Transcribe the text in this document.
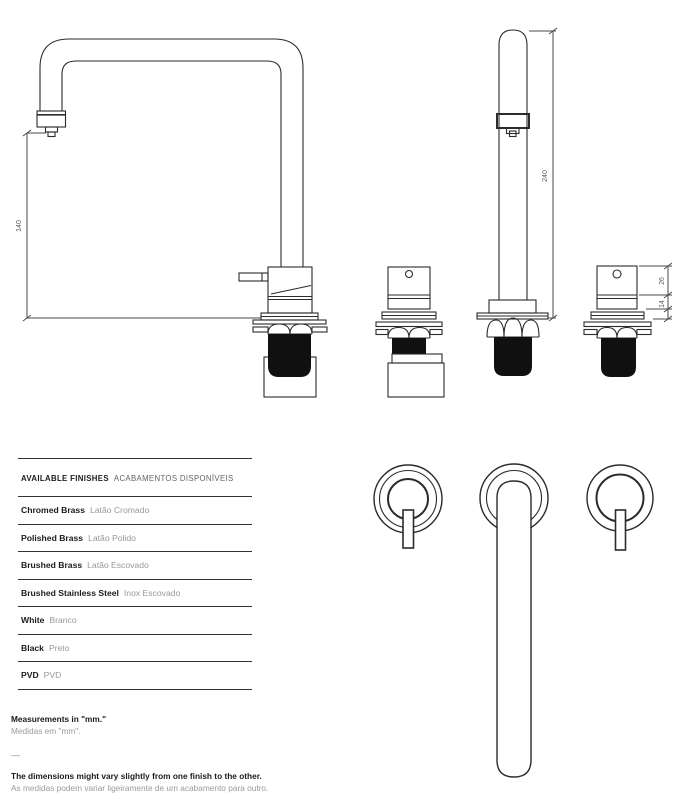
140
240
26
14
AVAILABLE FINISHES ACABAMENTOS DISPONÍVEIS
Chromed Brass Latão Cromado
Polished Brass Latão Polido
Brushed Brass Latão Escovado
Brushed Stainless Steel Inox Escovado
White Branco
Black Preto
PVD PVD
Measurements in "mm."
Medidas em "mm".
—
The dimensions might vary slightly from one finish to the other.
As medidas podem variar ligeiramente de um acabamento para outro.
